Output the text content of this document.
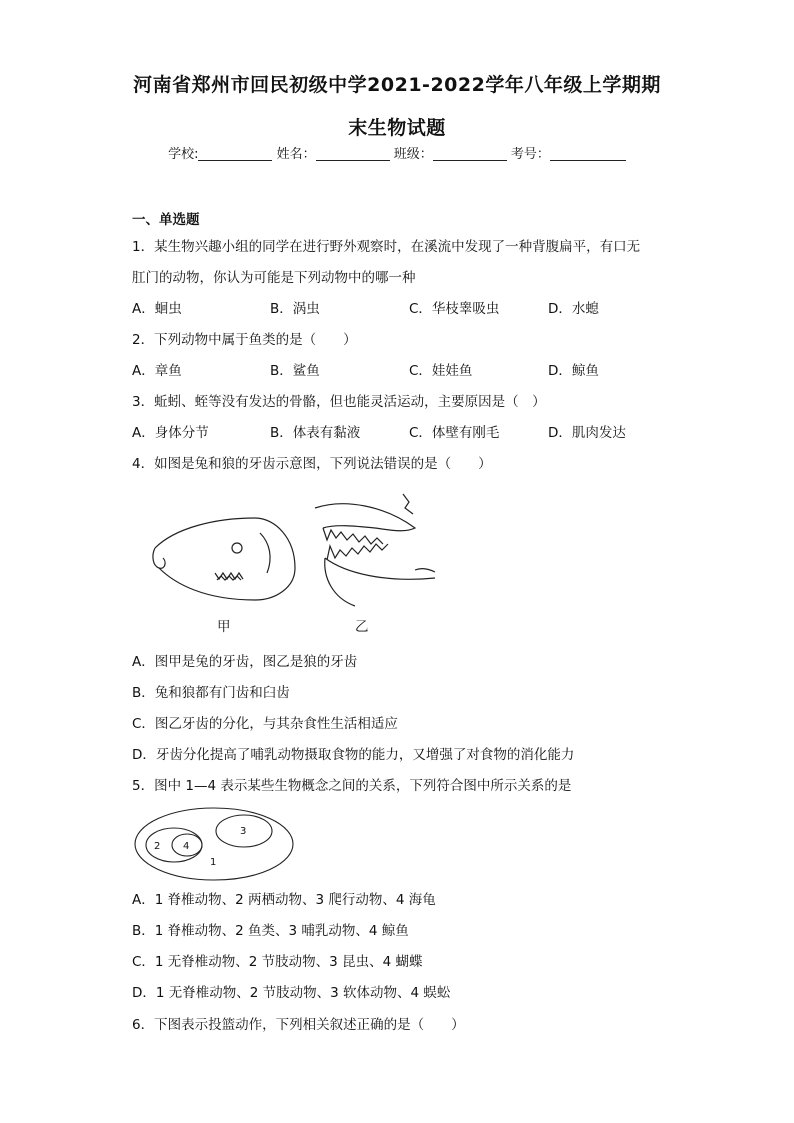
河南省郑州市回民初级中学2021-2022学年八年级上学期期
末生物试题
学校:	姓名：	班级：	考号：
一、单选题
1．某生物兴趣小组的同学在进行野外观察时，在溪流中发现了一种背腹扁平，有口无
肛门的动物，你认为可能是下列动物中的哪一种
A．蛔虫	B．涡虫	C．华枝睾吸虫	D．水螅
2．下列动物中属于鱼类的是（　　）
A．章鱼	B．鲨鱼	C．娃娃鱼	D．鲸鱼
3．蚯蚓、蛭等没有发达的骨骼，但也能灵活运动，主要原因是（　）
A．身体分节	B．体表有黏液	C．体壁有刚毛	D．肌肉发达
4．如图是兔和狼的牙齿示意图，下列说法错误的是（　　）
甲	乙
A．图甲是兔的牙齿，图乙是狼的牙齿
B．兔和狼都有门齿和臼齿
C．图乙牙齿的分化，与其杂食性生活相适应
D．牙齿分化提高了哺乳动物摄取食物的能力，又增强了对食物的消化能力
5．图中 1—4 表示某些生物概念之间的关系，下列符合图中所示关系的是
1
2
3
4
A．1 脊椎动物、2 两栖动物、3 爬行动物、4 海龟
B．1 脊椎动物、2 鱼类、3 哺乳动物、4 鲸鱼
C．1 无脊椎动物、2 节肢动物、3 昆虫、4 蝴蝶
D．1 无脊椎动物、2 节肢动物、3 软体动物、4 蜈蚣
6．下图表示投篮动作，下列相关叙述正确的是（　　）
